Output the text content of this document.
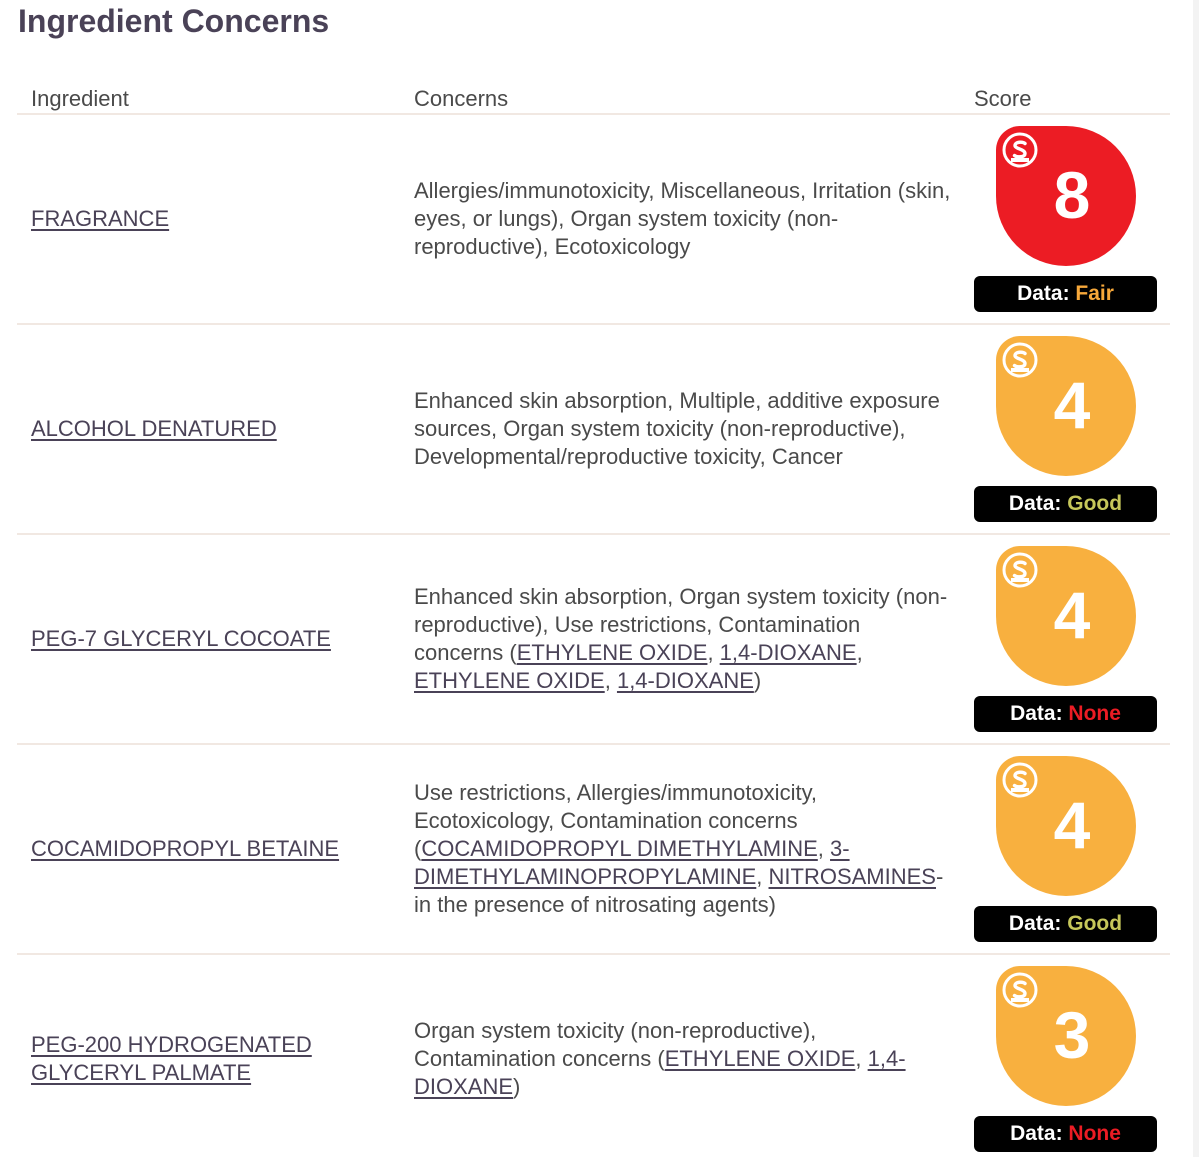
Ingredient Concerns
Ingredient	Concerns	Score
FRAGRANCE
Allergies/immunotoxicity, Miscellaneous, Irritation (skin, eyes, or lungs), Organ system toxicity (non-reproductive), Ecotoxicology
8
Data: Fair
ALCOHOL DENATURED
Enhanced skin absorption, Multiple, additive exposure sources, Organ system toxicity (non-reproductive), Developmental/reproductive toxicity, Cancer
4
Data: Good
PEG-7 GLYCERYL COCOATE
Enhanced skin absorption, Organ system toxicity (non-reproductive), Use restrictions, Contamination concerns (ETHYLENE OXIDE, 1,4-DIOXANE, ETHYLENE OXIDE, 1,4-DIOXANE)
4
Data: None
COCAMIDOPROPYL BETAINE
Use restrictions, Allergies/immunotoxicity, Ecotoxicology, Contamination concerns (COCAMIDOPROPYL DIMETHYLAMINE, 3-DIMETHYLAMINOPROPYLAMINE, NITROSAMINES-in the presence of nitrosating agents)
4
Data: Good
PEG-200 HYDROGENATED GLYCERYL PALMATE
Organ system toxicity (non-reproductive), Contamination concerns (ETHYLENE OXIDE, 1,4-DIOXANE)
3
Data: None
